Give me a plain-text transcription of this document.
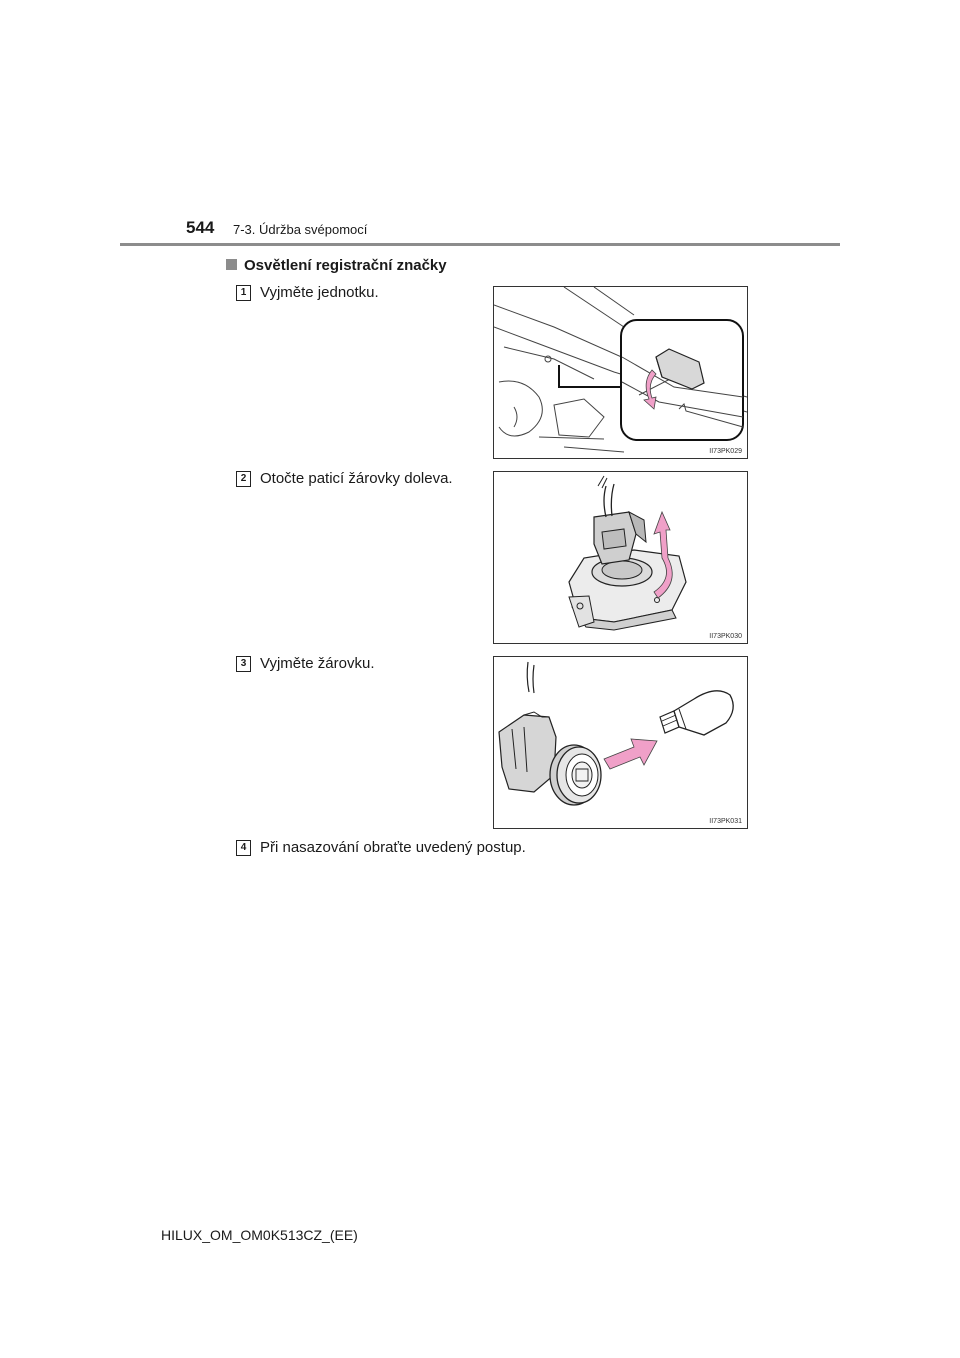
544 7-3. Údržba svépomocí
Osvětlení registrační značky
1 Vyjměte jednotku.
II73PK029
2 Otočte paticí žárovky doleva.
II73PK030
3 Vyjměte žárovku.
II73PK031
4 Při nasazování obraťte uvedený postup.
HILUX_OM_OM0K513CZ_(EE)
